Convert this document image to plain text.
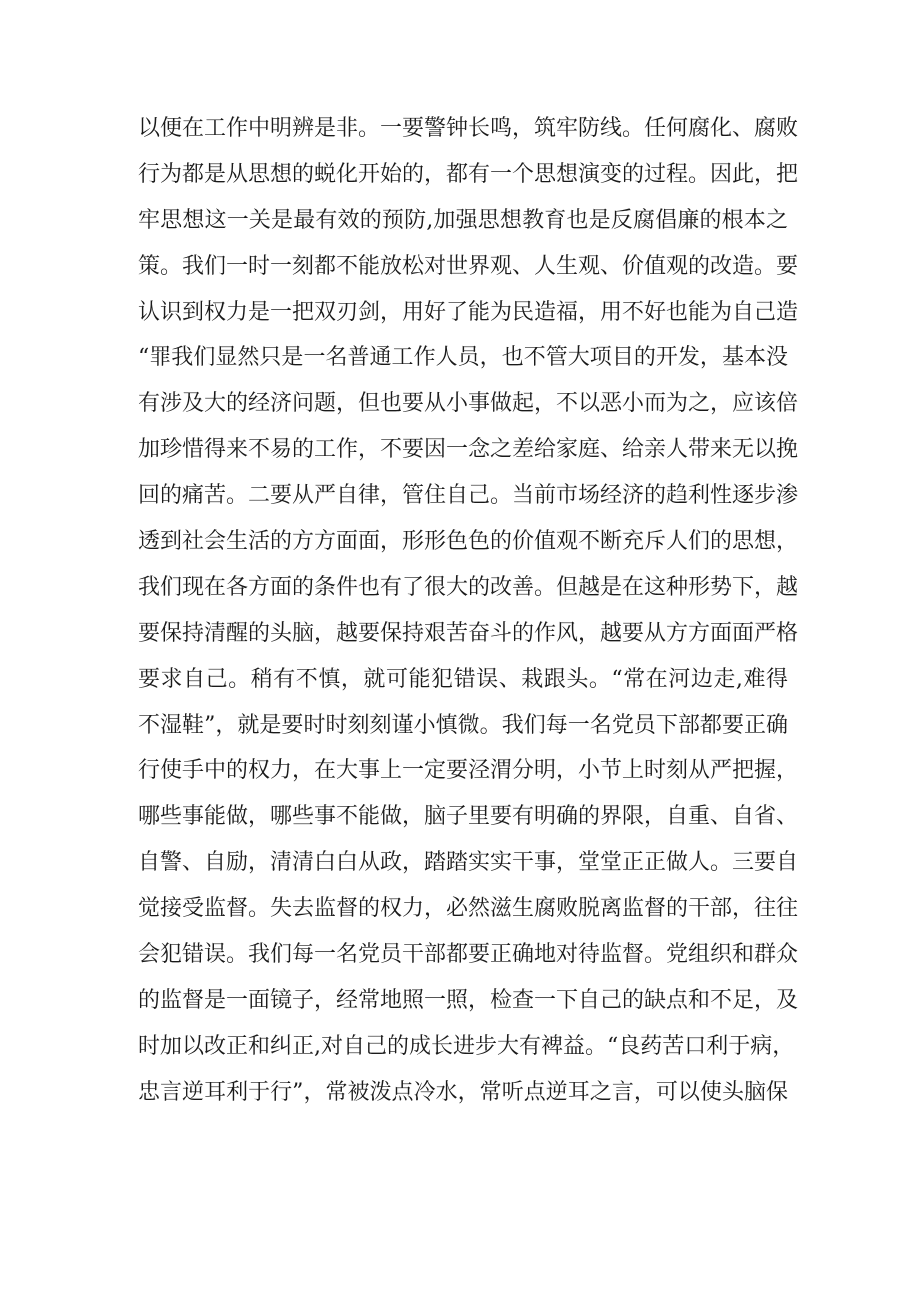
以便在工作中明辨是非。一要警钟长鸣，筑牢防线。任何腐化、腐败
行为都是从思想的蜕化开始的，都有一个思想演变的过程。因此，把
牢思想这一关是最有效的预防,加强思想教育也是反腐倡廉的根本之
策。我们一时一刻都不能放松对世界观、人生观、价值观的改造。要
认识到权力是一把双刃剑，用好了能为民造福，用不好也能为自己造
“罪我们显然只是一名普通工作人员，也不管大项目的开发，基本没
有涉及大的经济问题，但也要从小事做起，不以恶小而为之，应该倍
加珍惜得来不易的工作，不要因一念之差给家庭、给亲人带来无以挽
回的痛苦。二要从严自律，管住自己。当前市场经济的趋利性逐步渗
透到社会生活的方方面面，形形色色的价值观不断充斥人们的思想，
我们现在各方面的条件也有了很大的改善。但越是在这种形势下，越
要保持清醒的头脑，越要保持艰苦奋斗的作风，越要从方方面面严格
要求自己。稍有不慎，就可能犯错误、栽跟头。“常在河边走,难得
不湿鞋”，就是要时时刻刻谨小慎微。我们每一名党员下部都要正确
行使手中的权力，在大事上一定要泾渭分明，小节上时刻从严把握，
哪些事能做，哪些事不能做，脑子里要有明确的界限，自重、自省、
自警、自励，清清白白从政，踏踏实实干事，堂堂正正做人。三要自
觉接受监督。失去监督的权力，必然滋生腐败脱离监督的干部，往往
会犯错误。我们每一名党员干部都要正确地对待监督。党组织和群众
的监督是一面镜子，经常地照一照，检查一下自己的缺点和不足，及
时加以改正和纠正,对自己的成长进步大有裨益。“良药苦口利于病，
忠言逆耳利于行”，常被泼点冷水，常听点逆耳之言，可以使头脑保
